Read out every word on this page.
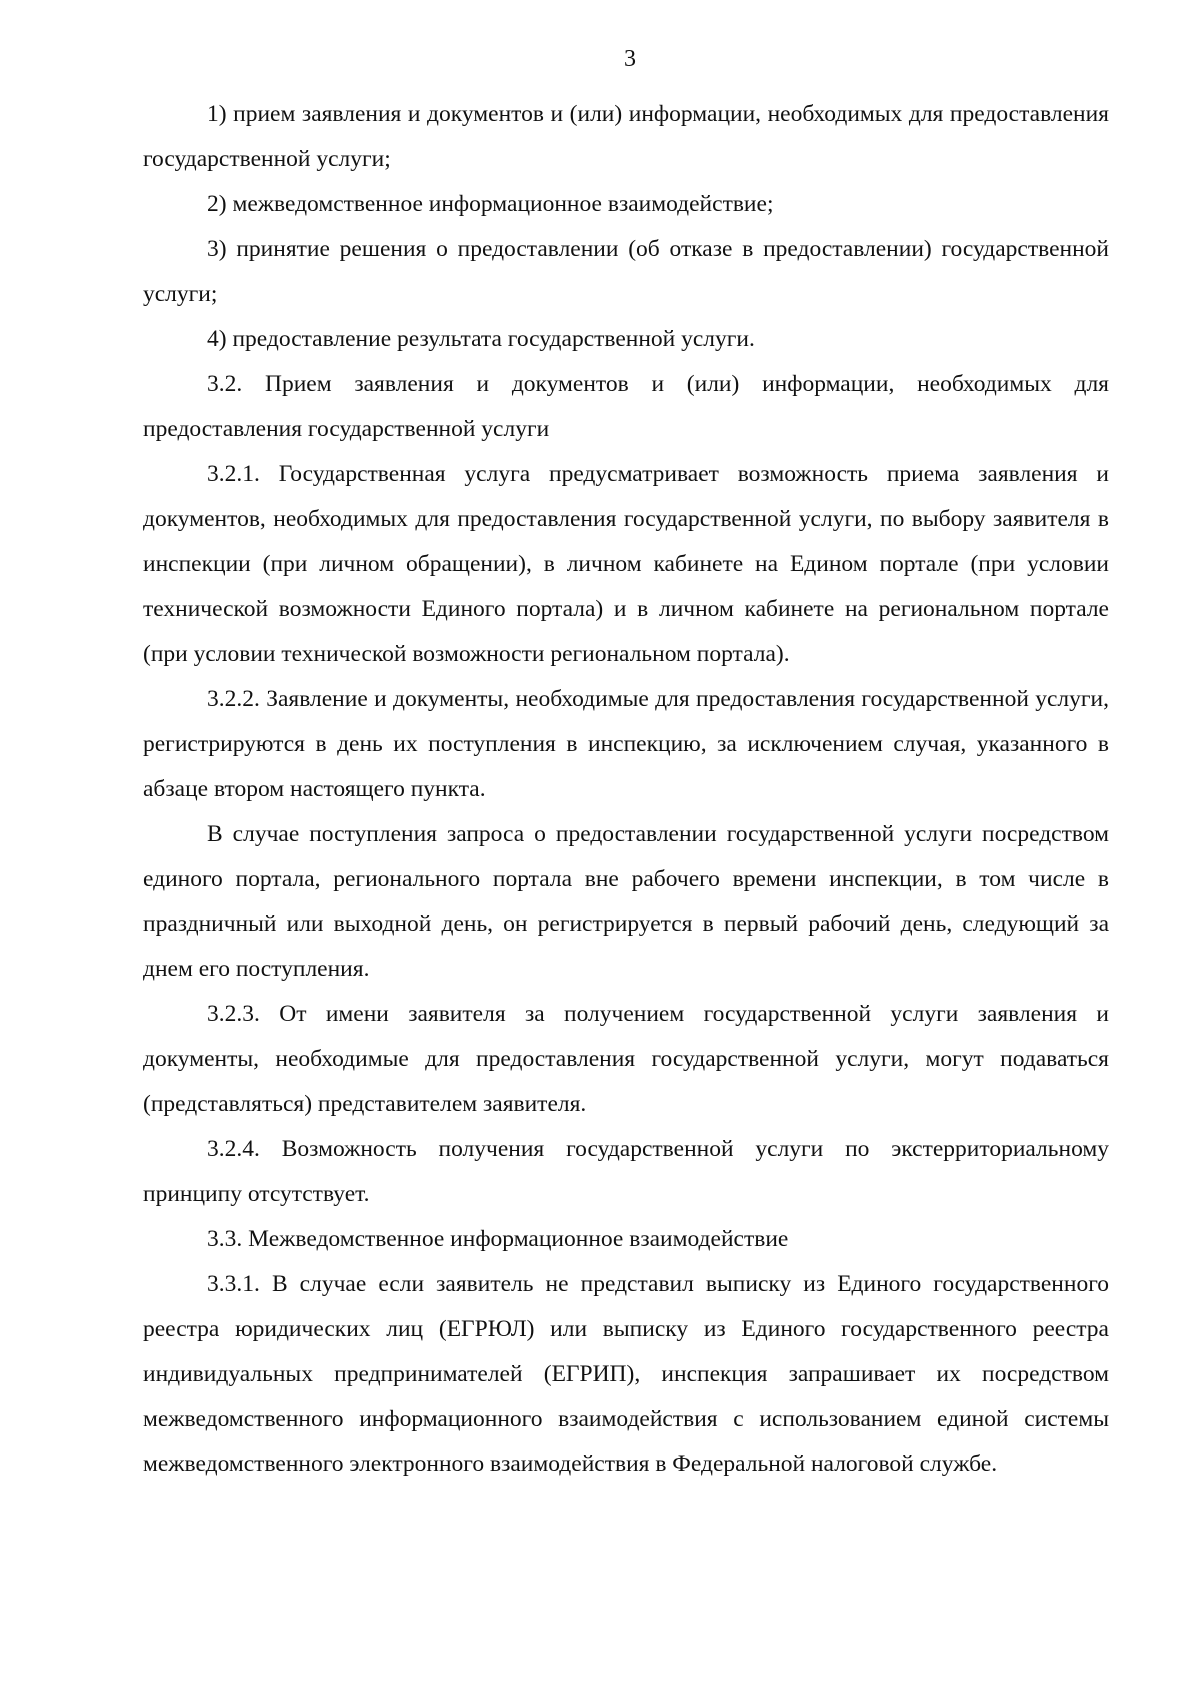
3

1) прием заявления и документов и (или) информации, необходимых для предоставления государственной услуги;

2) межведомственное информационное взаимодействие;

3) принятие решения о предоставлении (об отказе в предоставлении) государственной услуги;

4) предоставление результата государственной услуги.

3.2. Прием заявления и документов и (или) информации, необходимых для предоставления государственной услуги

3.2.1. Государственная услуга предусматривает возможность приема заявления и документов, необходимых для предоставления государственной услуги, по выбору заявителя в инспекции (при личном обращении), в личном кабинете на Едином портале (при условии технической возможности Единого портала) и в личном кабинете на региональном портале (при условии технической возможности региональном портала).

3.2.2. Заявление и документы, необходимые для предоставления государственной услуги, регистрируются в день их поступления в инспекцию, за исключением случая, указанного в абзаце втором настоящего пункта.

В случае поступления запроса о предоставлении государственной услуги посредством единого портала, регионального портала вне рабочего времени инспекции, в том числе в праздничный или выходной день, он регистрируется в первый рабочий день, следующий за днем его поступления.

3.2.3. От имени заявителя за получением государственной услуги заявления и документы, необходимые для предоставления государственной услуги, могут подаваться (представляться) представителем заявителя.

3.2.4. Возможность получения государственной услуги по экстерриториальному принципу отсутствует.

3.3. Межведомственное информационное взаимодействие

3.3.1. В случае если заявитель не представил выписку из Единого государственного реестра юридических лиц (ЕГРЮЛ) или выписку из Единого государственного реестра индивидуальных предпринимателей (ЕГРИП), инспекция запрашивает их посредством межведомственного информационного взаимодействия с использованием единой системы межведомственного электронного взаимодействия в Федеральной налоговой службе.
